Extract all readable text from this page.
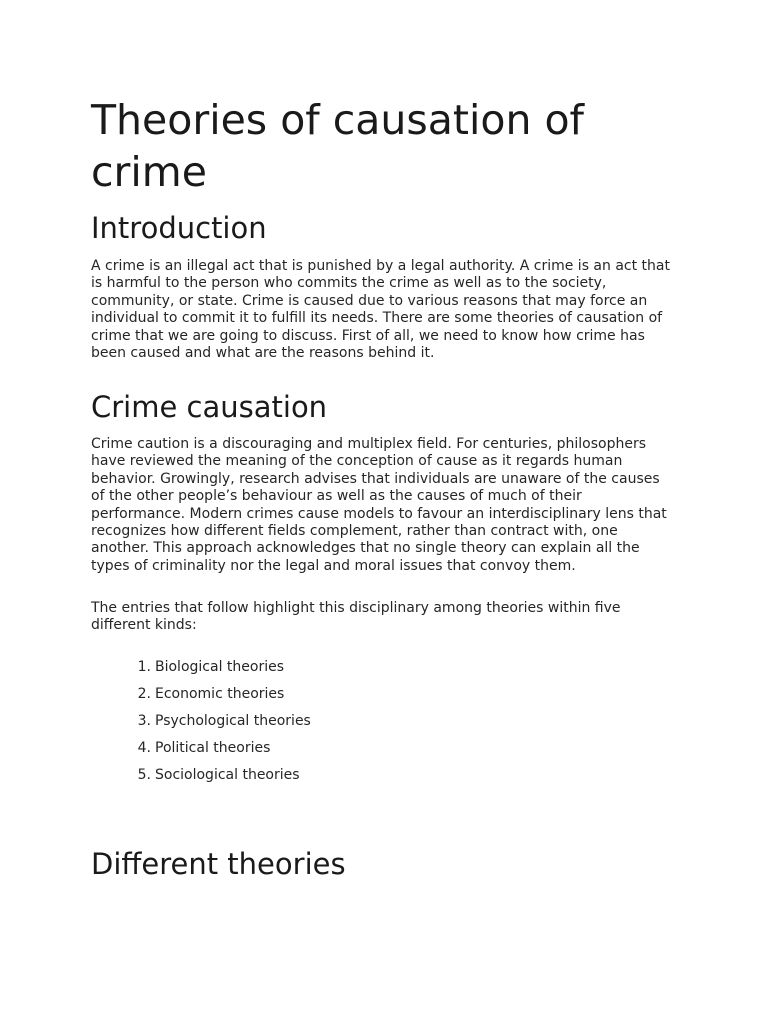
Theories of causation of crime
Introduction

A crime is an illegal act that is punished by a legal authority. A crime is an act that is harmful to the person who commits the crime as well as to the society, community, or state. Crime is caused due to various reasons that may force an individual to commit it to fulfill its needs. There are some theories of causation of crime that we are going to discuss. First of all, we need to know how crime has been caused and what are the reasons behind it.

Crime causation

Crime caution is a discouraging and multiplex field. For centuries, philosophers have reviewed the meaning of the conception of cause as it regards human behavior. Growingly, research advises that individuals are unaware of the causes of the other people’s behaviour as well as the causes of much of their performance. Modern crimes cause models to favour an interdisciplinary lens that recognizes how different fields complement, rather than contract with, one another. This approach acknowledges that no single theory can explain all the types of criminality nor the legal and moral issues that convoy them.

The entries that follow highlight this disciplinary among theories within five different kinds:

1. Biological theories
2. Economic theories
3. Psychological theories
4. Political theories
5. Sociological theories
Different theories
